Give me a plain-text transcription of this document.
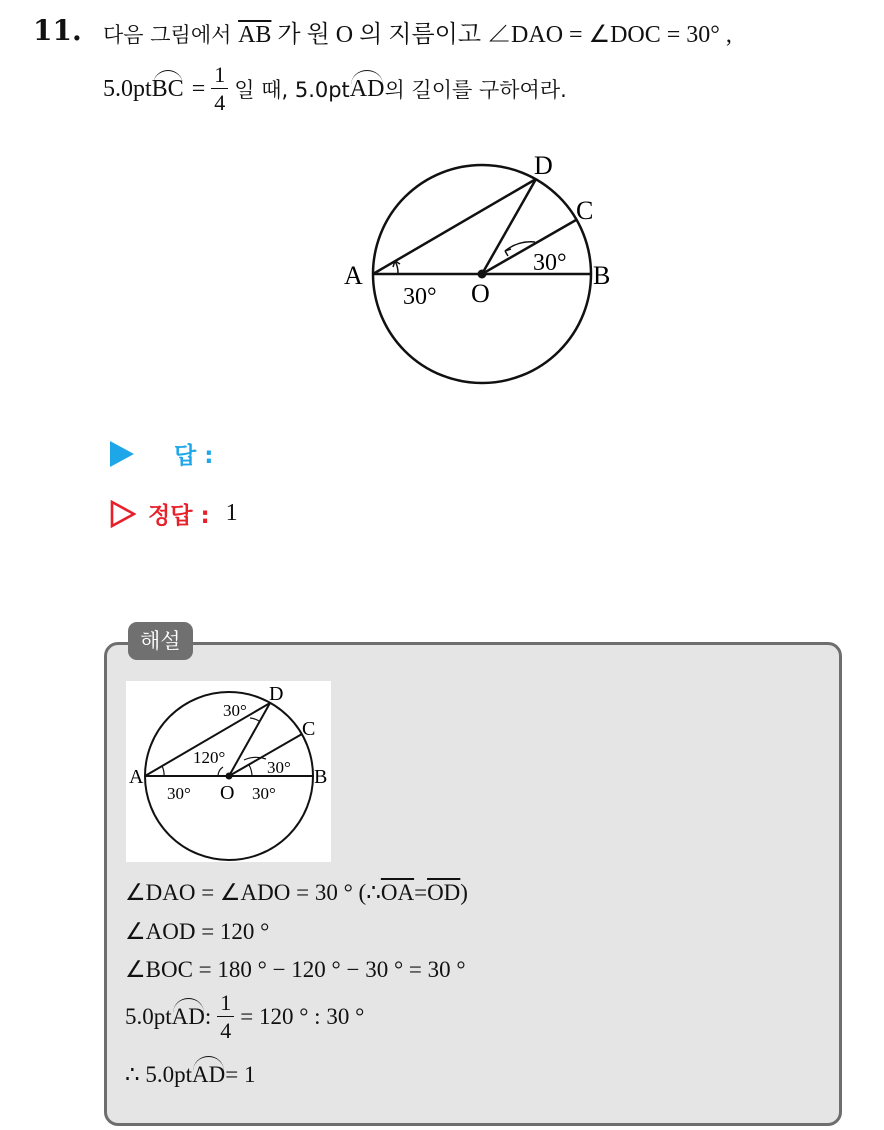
11. 다음 그림에서 $\overline{AB}$ 가 원 O 의 지름이고 ∠DAO = ∠DOC = 30° ,
5.0pt BC = $\frac{1}{4}$ 일 때, 5.0pt AD 의 길이를 구하여라.
A	B
C
D
O
30°
30°
답 :
정답 : 1
해설
A	B
C
D
O
30°
120°
30°
30°	30°
∠DAO = ∠ADO = 30 ° (∴ $\overline{OA} = \overline{OD}$ )
∠AOD = 120 °
∠BOC = 180 ° − 120 ° − 30 ° = 30 °
5.0pt AD : $\frac{1}{4} = 120$ ° : 30 °
∴ 5.0pt AD = 1
